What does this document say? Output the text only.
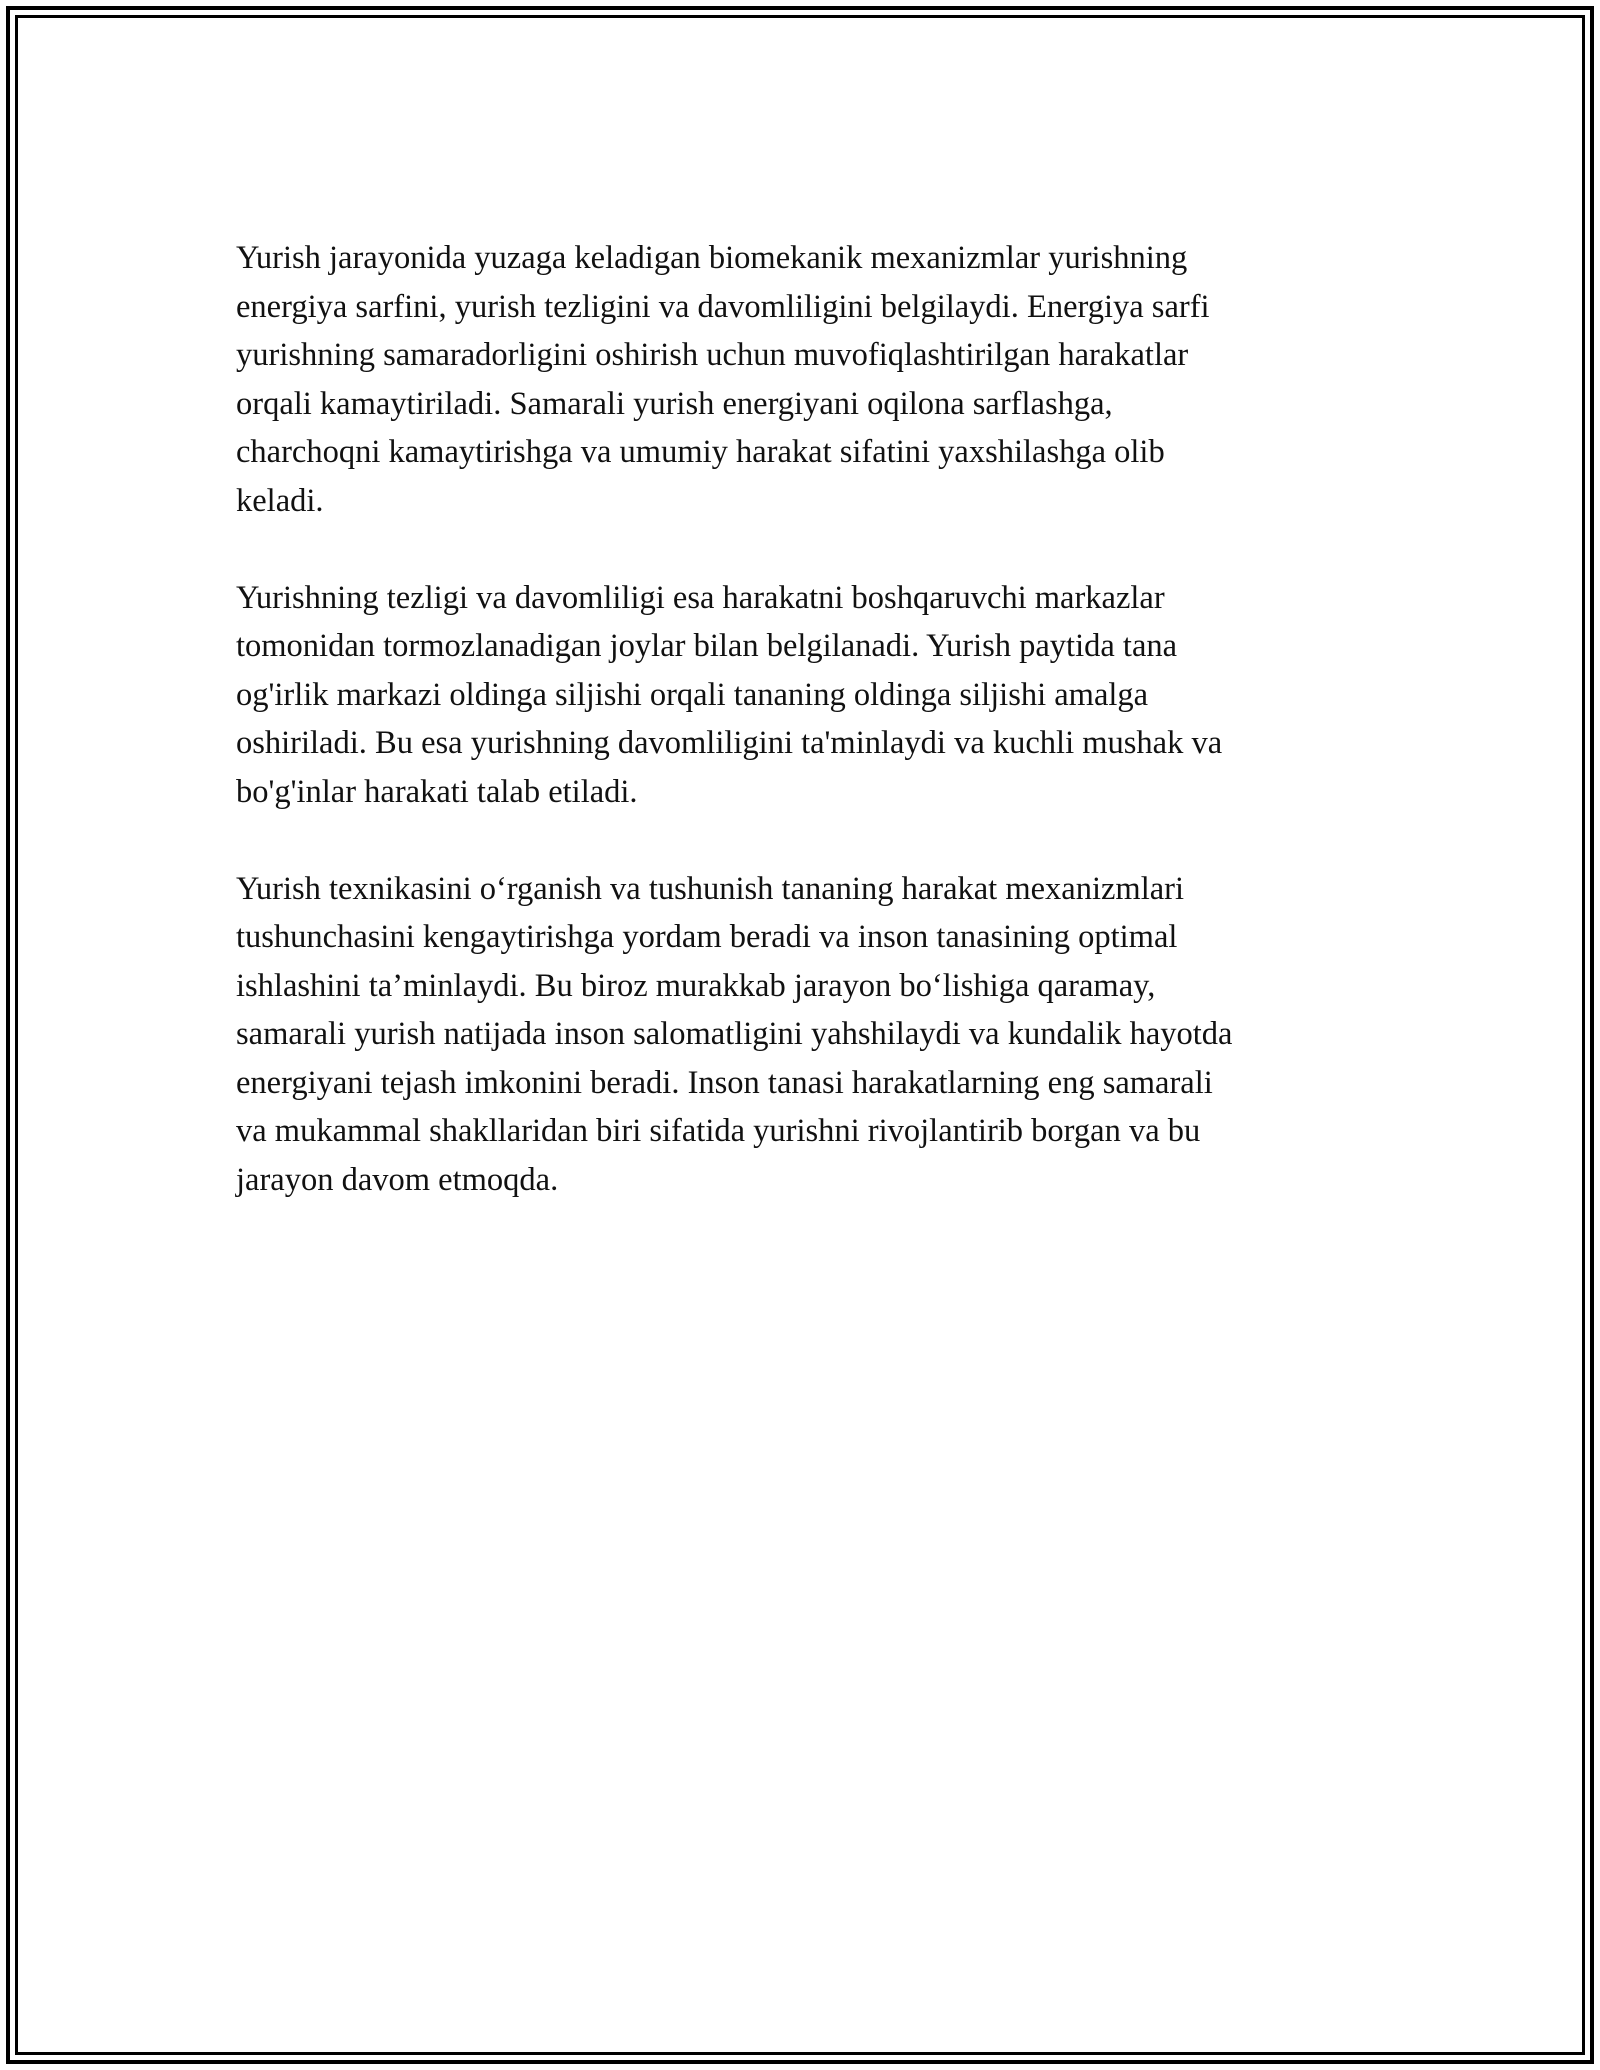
Yurish jarayonida yuzaga keladigan biomekanik mexanizmlar yurishning
energiya sarfini, yurish tezligini va davomliligini belgilaydi. Energiya sarfi
yurishning samaradorligini oshirish uchun muvofiqlashtirilgan harakatlar
orqali kamaytiriladi. Samarali yurish energiyani oqilona sarflashga,
charchoqni kamaytirishga va umumiy harakat sifatini yaxshilashga olib
keladi.

Yurishning tezligi va davomliligi esa harakatni boshqaruvchi markazlar
tomonidan tormozlanadigan joylar bilan belgilanadi. Yurish paytida tana
og'irlik markazi oldinga siljishi orqali tananing oldinga siljishi amalga
oshiriladi. Bu esa yurishning davomliligini ta'minlaydi va kuchli mushak va
bo'g'inlar harakati talab etiladi.

Yurish texnikasini o‘rganish va tushunish tananing harakat mexanizmlari
tushunchasini kengaytirishga yordam beradi va inson tanasining optimal
ishlashini ta’minlaydi. Bu biroz murakkab jarayon bo‘lishiga qaramay,
samarali yurish natijada inson salomatligini yahshilaydi va kundalik hayotda
energiyani tejash imkonini beradi. Inson tanasi harakatlarning eng samarali
va mukammal shakllaridan biri sifatida yurishni rivojlantirib borgan va bu
jarayon davom etmoqda.
